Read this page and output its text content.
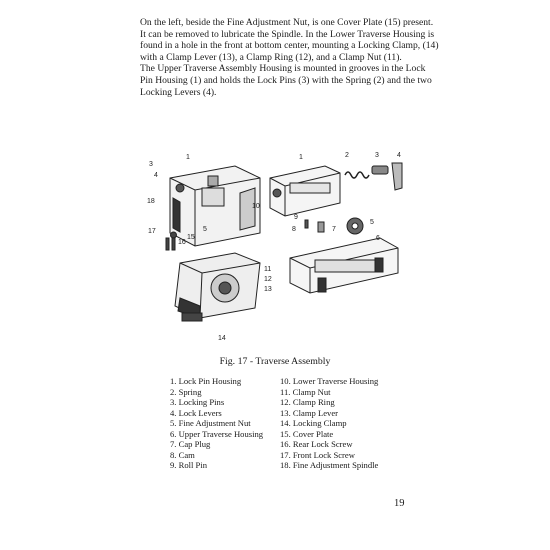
On the left, beside the Fine Adjustment Nut, is one Cover Plate (15) present. It can be removed to lubricate the Spindle. In the Lower Traverse Housing is found in a hole in the front at bottom center, mounting a Locking Clamp, (14) with a Clamp Lever (13), a Clamp Ring (12), and a Clamp Nut (11).

The Upper Traverse Assembly Housing is mounted in grooves in the Lock Pin Housing (1) and holds the Lock Pins (3) with the Spring (2) and the two Locking Levers (4).

1
3
4
18
10
5
15
17
16
1	2	3	4
9
8	7
5
6
11
12
13
14
Fig. 17 - Traverse Assembly
1. Lock Pin Housing
2. Spring
3. Locking Pins
4. Lock Levers
5. Fine Adjustment Nut
6. Upper Traverse Housing
7. Cap Plug
8. Cam
9. Roll Pin
10. Lower Traverse Housing
11. Clamp Nut
12. Clamp Ring
13. Clamp Lever
14. Locking Clamp
15. Cover Plate
16. Rear Lock Screw
17. Front Lock Screw
18. Fine Adjustment Spindle
19
